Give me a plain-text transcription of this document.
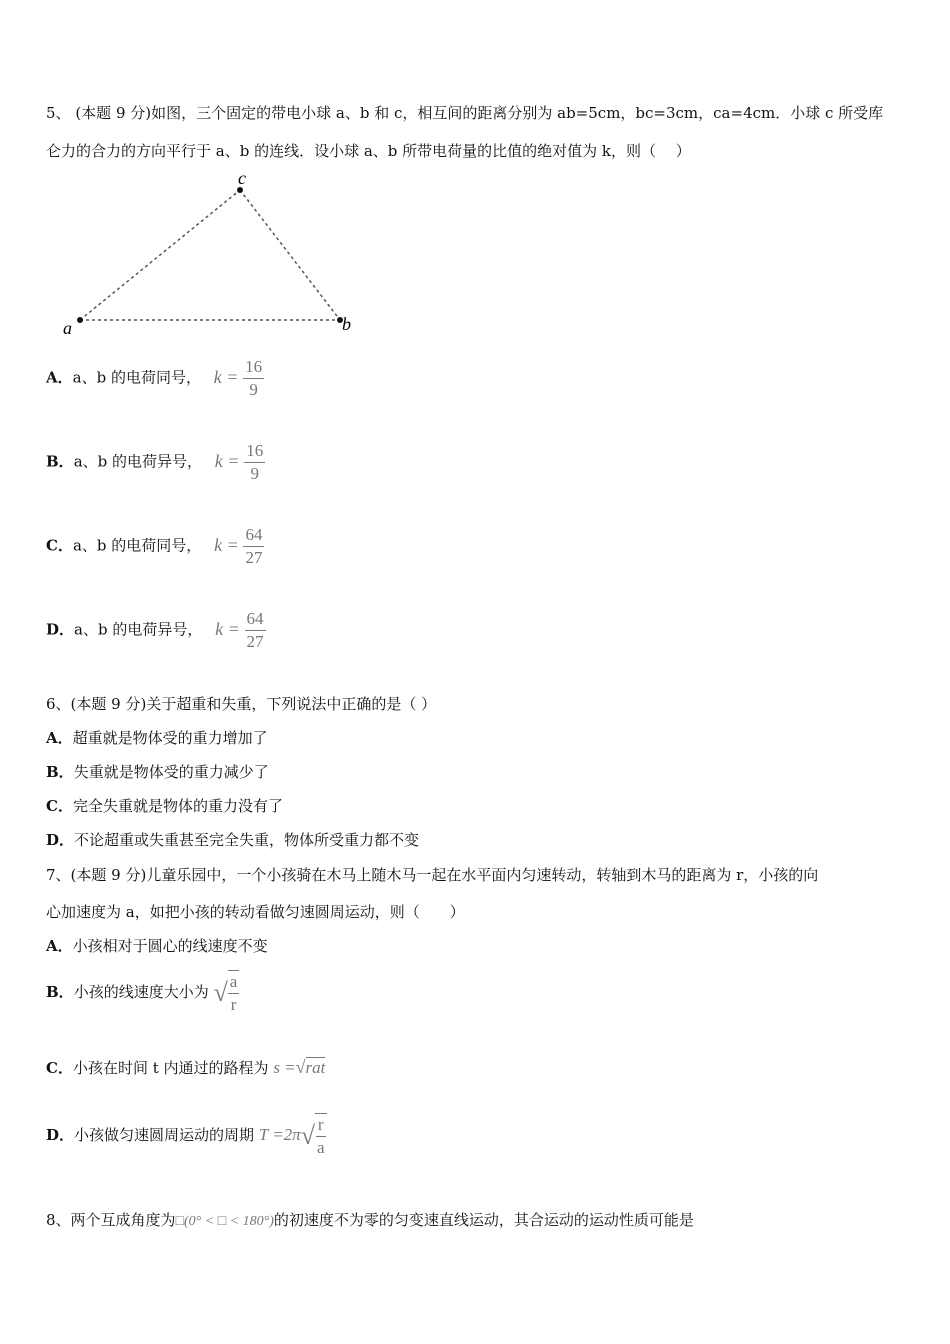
5、 (本题 9 分)如图，三个固定的带电小球 a、b 和 c，相互间的距离分别为 ab=5cm，bc=3cm，ca=4cm．小球 c 所受库
仑力的合力的方向平行于 a、b 的连线．设小球 a、b 所带电荷量的比值的绝对值为 k，则（　 ）
a
c
b
A．a、b 的电荷同号， $k = \frac{16}{9}$
B．a、b 的电荷异号， $k = \frac{16}{9}$
C．a、b 的电荷同号， $k = \frac{64}{27}$
D．a、b 的电荷异号， $k = \frac{64}{27}$
6、(本题 9 分)关于超重和失重，下列说法中正确的是（ ）
A．超重就是物体受的重力增加了
B．失重就是物体受的重力减少了
C．完全失重就是物体的重力没有了
D．不论超重或失重甚至完全失重，物体所受重力都不变
7、(本题 9 分)儿童乐园中，一个小孩骑在木马上随木马一起在水平面内匀速转动，转轴到木马的距离为 r，小孩的向
心加速度为 a，如把小孩的转动看做匀速圆周运动，则（　　）
A．小孩相对于圆心的线速度不变
B．小孩的线速度大小为 √ $\frac{a}{r}$
C．小孩在时间 t 内通过的路程为 s =√rat
D．小孩做匀速圆周运动的周期 $T =2\pi√ \frac{r}{a}$
8、两个互成角度为□(0° < □ < 180°)的初速度不为零的匀变速直线运动，其合运动的运动性质可能是
